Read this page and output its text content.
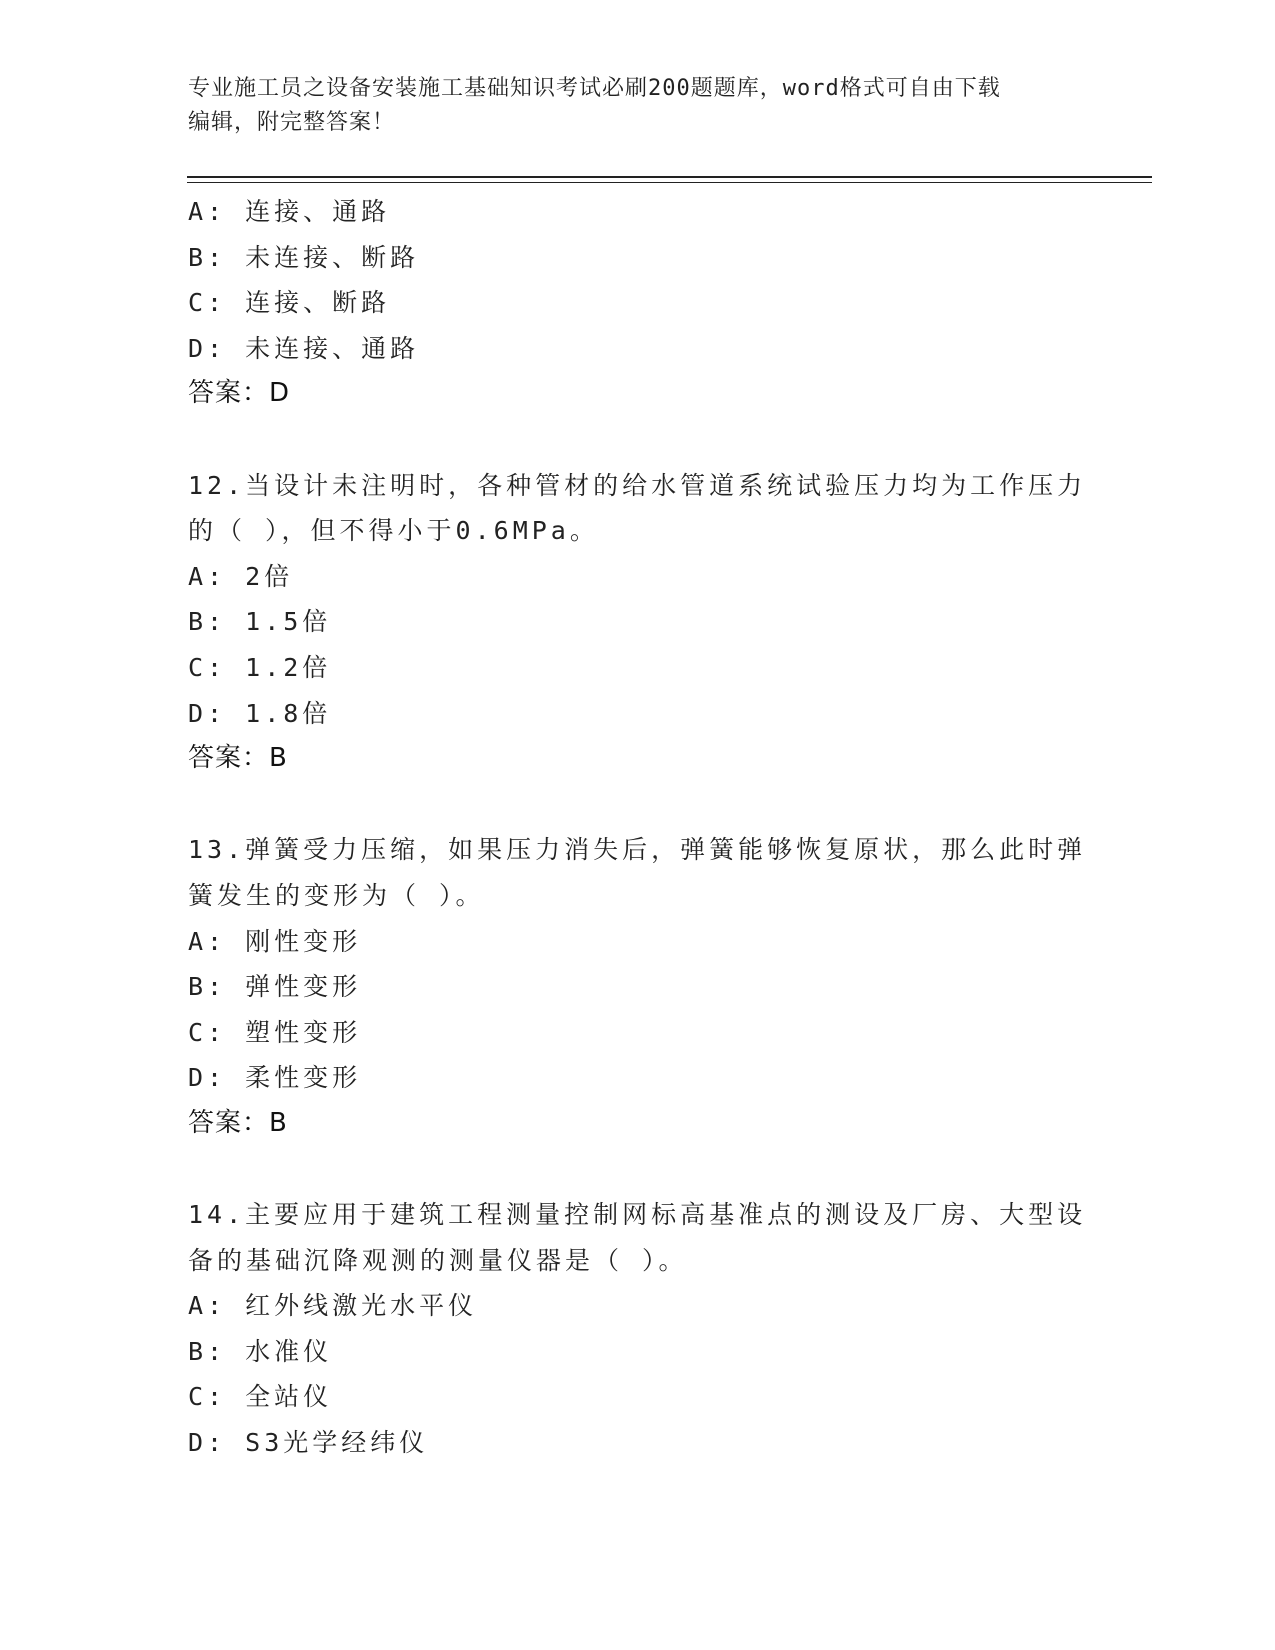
专业施工员之设备安装施工基础知识考试必刷200题题库，word格式可自由下载
编辑，附完整答案！
A: 连接、通路
B: 未连接、断路
C: 连接、断路
D: 未连接、通路
答案：D
12.当设计未注明时，各种管材的给水管道系统试验压力均为工作压力
的（ ），但不得小于0.6MPa。
A: 2倍
B: 1.5倍
C: 1.2倍
D: 1.8倍
答案：B
13.弹簧受力压缩，如果压力消失后，弹簧能够恢复原状，那么此时弹
簧发生的变形为（ ）。
A: 刚性变形
B: 弹性变形
C: 塑性变形
D: 柔性变形
答案：B
14.主要应用于建筑工程测量控制网标高基准点的测设及厂房、大型设
备的基础沉降观测的测量仪器是（ ）。
A: 红外线激光水平仪
B: 水准仪
C: 全站仪
D: S3光学经纬仪
